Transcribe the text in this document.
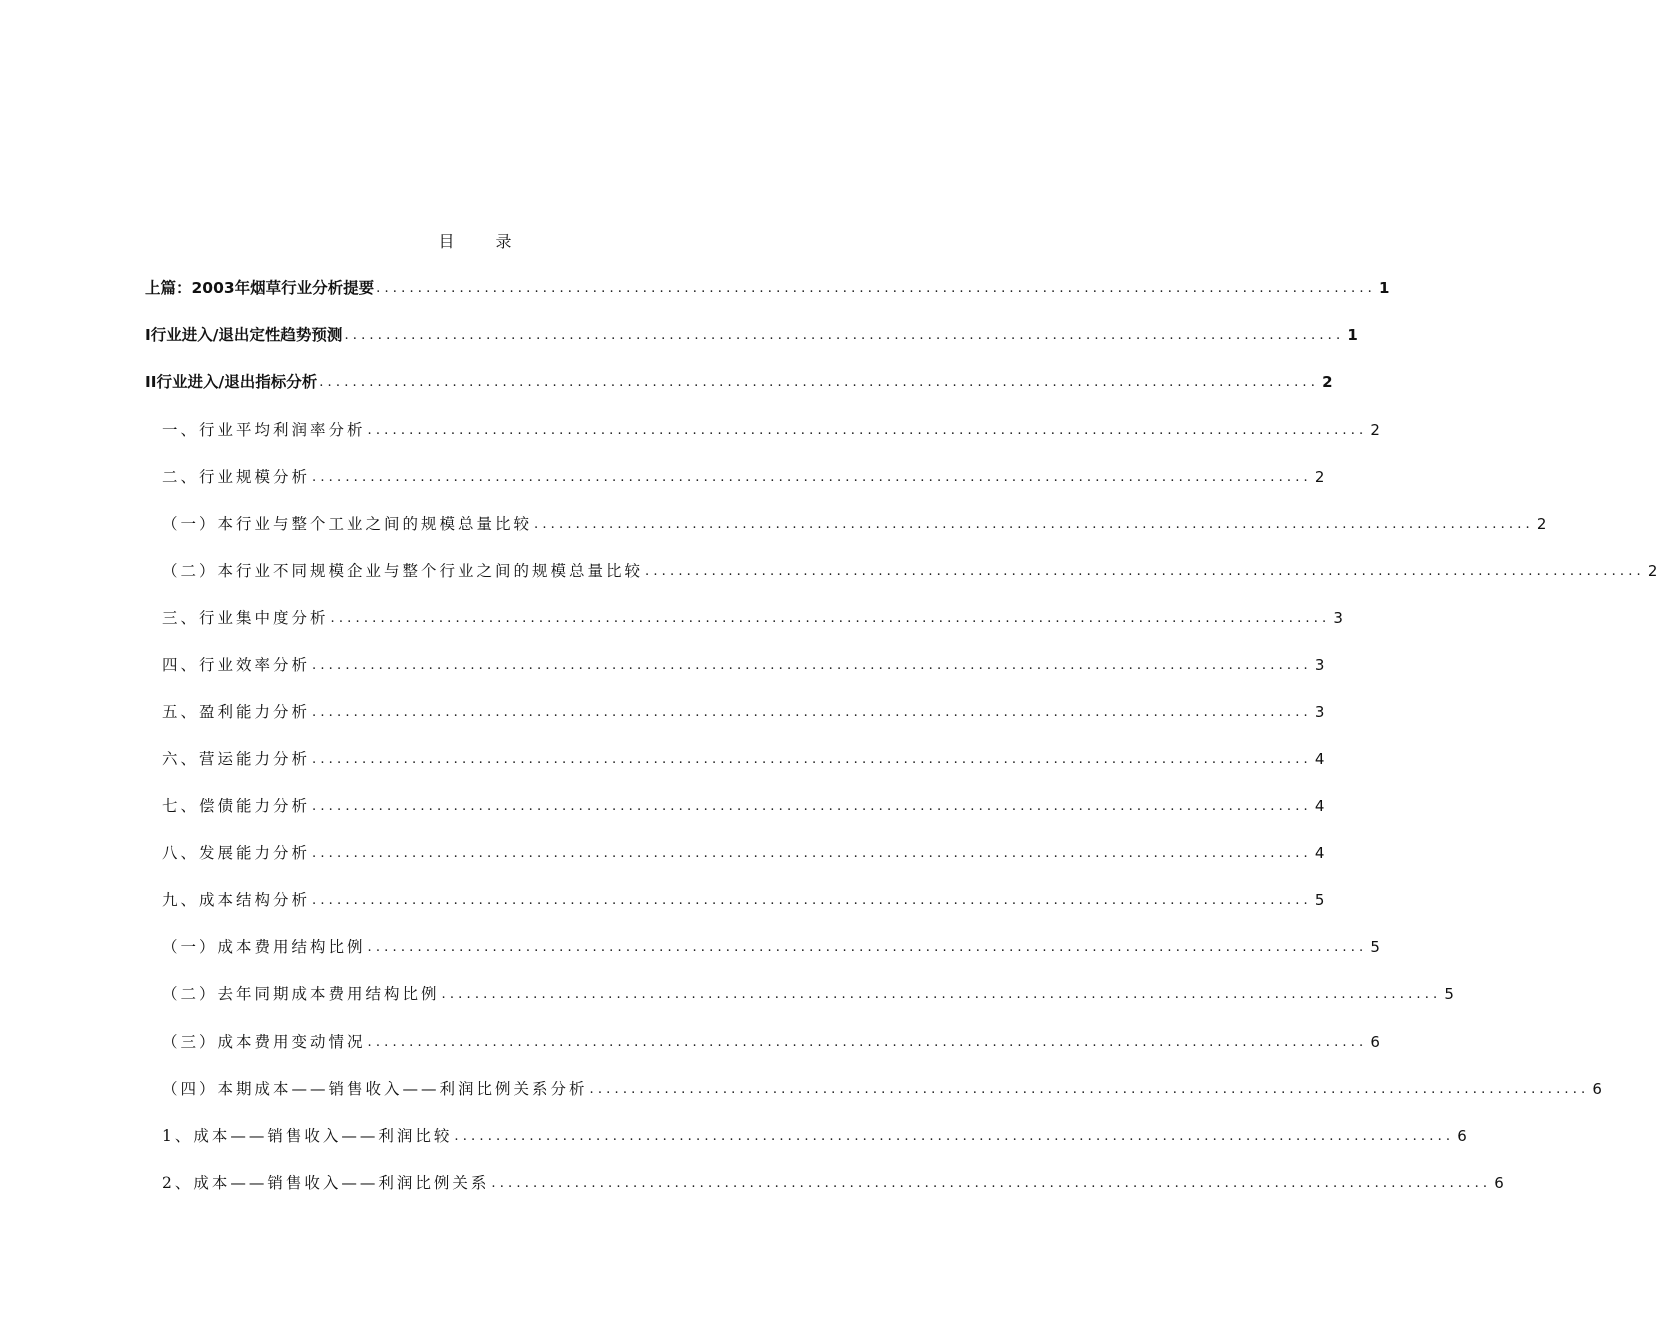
目 录
上篇：2003年烟草行业分析提要 ........................................................................................................................ 1
I行业进入/退出定性趋势预测 ........................................................................................................................ 1
II行业进入/退出指标分析 ........................................................................................................................ 2
一、行业平均利润率分析 ........................................................................................................................ 2
二、行业规模分析 ........................................................................................................................ 2
（一）本行业与整个工业之间的规模总量比较 ........................................................................................................................ 2
（二）本行业不同规模企业与整个行业之间的规模总量比较 ........................................................................................................................ 2
三、行业集中度分析 ........................................................................................................................ 3
四、行业效率分析 ........................................................................................................................ 3
五、盈利能力分析 ........................................................................................................................ 3
六、营运能力分析 ........................................................................................................................ 4
七、偿债能力分析 ........................................................................................................................ 4
八、发展能力分析 ........................................................................................................................ 4
九、成本结构分析 ........................................................................................................................ 5
（一）成本费用结构比例 ........................................................................................................................ 5
（二）去年同期成本费用结构比例 ........................................................................................................................ 5
（三）成本费用变动情况 ........................................................................................................................ 6
（四）本期成本——销售收入——利润比例关系分析 ........................................................................................................................ 6
1、成本——销售收入——利润比较 ........................................................................................................................ 6
2、成本——销售收入——利润比例关系 ........................................................................................................................ 6
